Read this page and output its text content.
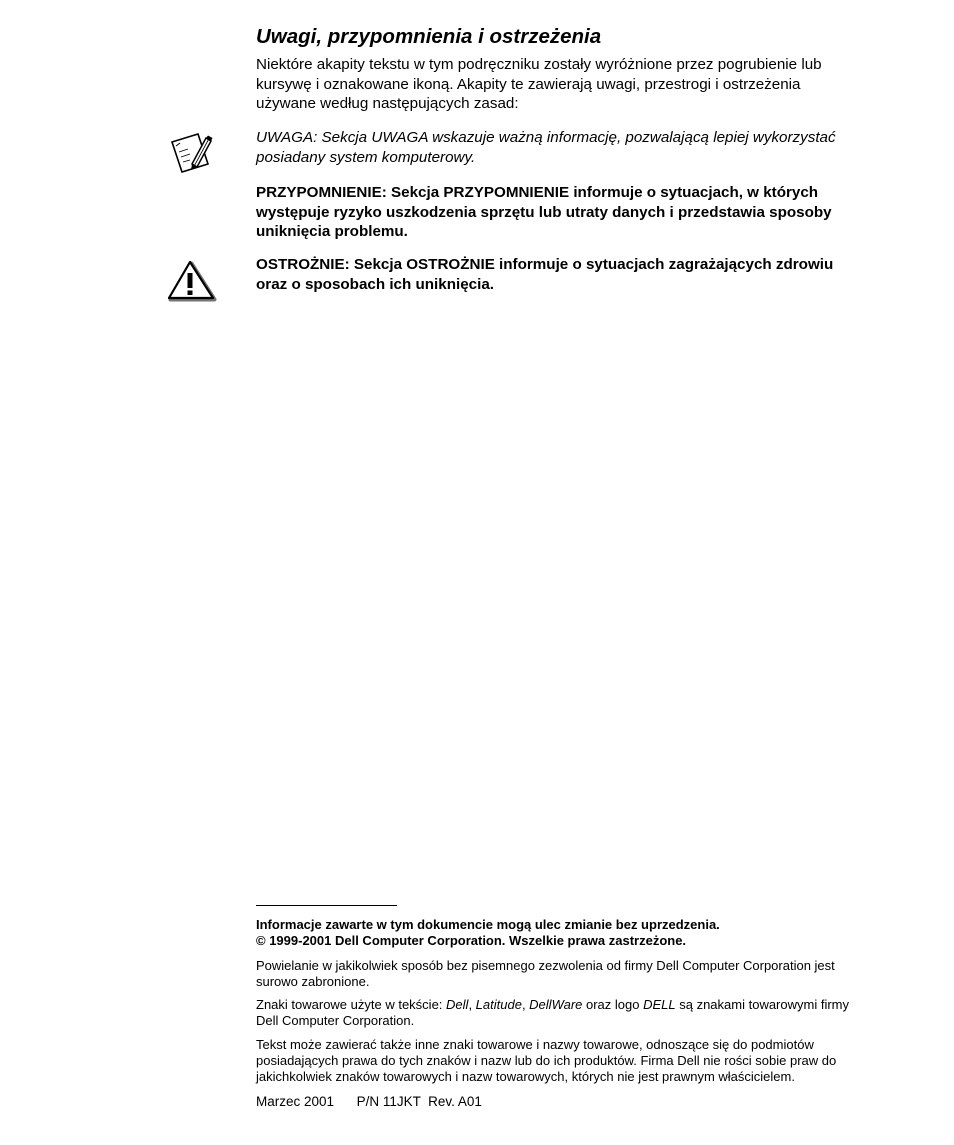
Uwagi, przypomnienia i ostrzeżenia

Niektóre akapity tekstu w tym podręczniku zostały wyróżnione przez pogrubienie lub kursywę i oznakowane ikoną. Akapity te zawierają uwagi, przestrogi i ostrzeżenia używane według następujących zasad:

UWAGA: Sekcja UWAGA wskazuje ważną informację, pozwalającą lepiej wykorzystać posiadany system komputerowy.

PRZYPOMNIENIE: Sekcja PRZYPOMNIENIE informuje o sytuacjach, w których występuje ryzyko uszkodzenia sprzętu lub utraty danych i przedstawia sposoby uniknięcia problemu.

OSTROŻNIE: Sekcja OSTROŻNIE informuje o sytuacjach zagrażających zdrowiu oraz o sposobach ich uniknięcia.

Informacje zawarte w tym dokumencie mogą ulec zmianie bez uprzedzenia.
© 1999-2001 Dell Computer Corporation. Wszelkie prawa zastrzeżone.

Powielanie w jakikolwiek sposób bez pisemnego zezwolenia od firmy Dell Computer Corporation jest surowo zabronione.

Znaki towarowe użyte w tekście: Dell, Latitude, DellWare oraz logo DELL są znakami towarowymi firmy Dell Computer Corporation.

Tekst może zawierać także inne znaki towarowe i nazwy towarowe, odnoszące się do podmiotów posiadających prawa do tych znaków i nazw lub do ich produktów. Firma Dell nie rości sobie praw do jakichkolwiek znaków towarowych i nazw towarowych, których nie jest prawnym właścicielem.

Marzec 2001 P/N 11JKT Rev. A01
